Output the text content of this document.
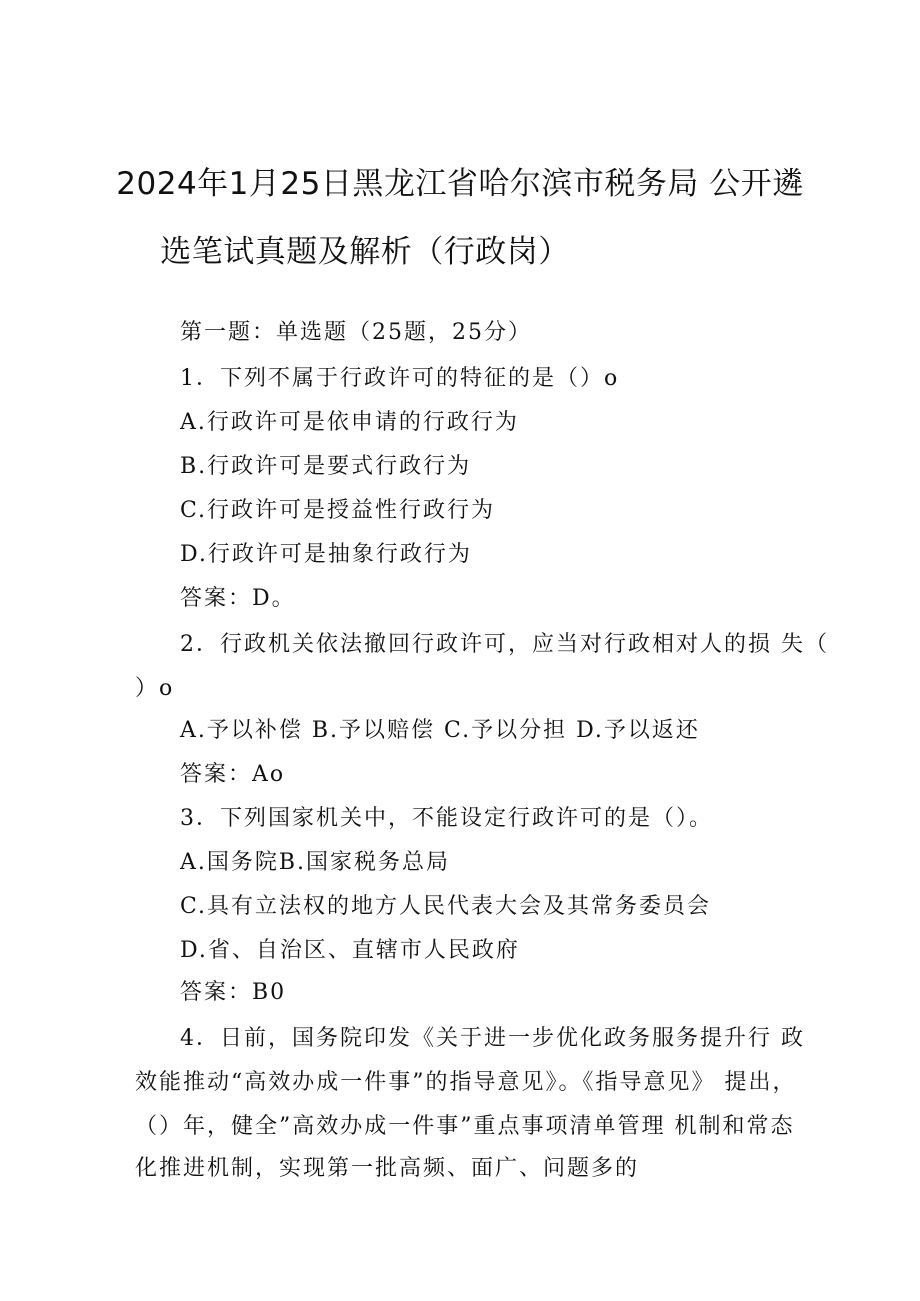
2024年1月25日黑龙江省哈尔滨市税务局 公开遴
选笔试真题及解析（行政岗）
第一题：单选题（25题，25分）
1．下列不属于行政许可的特征的是（）o
A.行政许可是依申请的行政行为
B.行政许可是要式行政行为
C.行政许可是授益性行政行为
D.行政许可是抽象行政行为
答案：D。
2．行政机关依法撤回行政许可，应当对行政相对人的损 失（
）o
A.予以补偿 B.予以赔偿 C.予以分担 D.予以返还
答案：Ao
3．下列国家机关中，不能设定行政许可的是（）。
A.国务院B.国家税务总局
C.具有立法权的地方人民代表大会及其常务委员会
D.省、自治区、直辖市人民政府
答案：B0
4．日前，国务院印发《关于进一步优化政务服务提升行 政
效能推动“高效办成一件事”的指导意见》。《指导意见》 提出，
（）年，健全”高效办成一件事”重点事项清单管理 机制和常态
化推进机制，实现第一批高频、面广、问题多的
